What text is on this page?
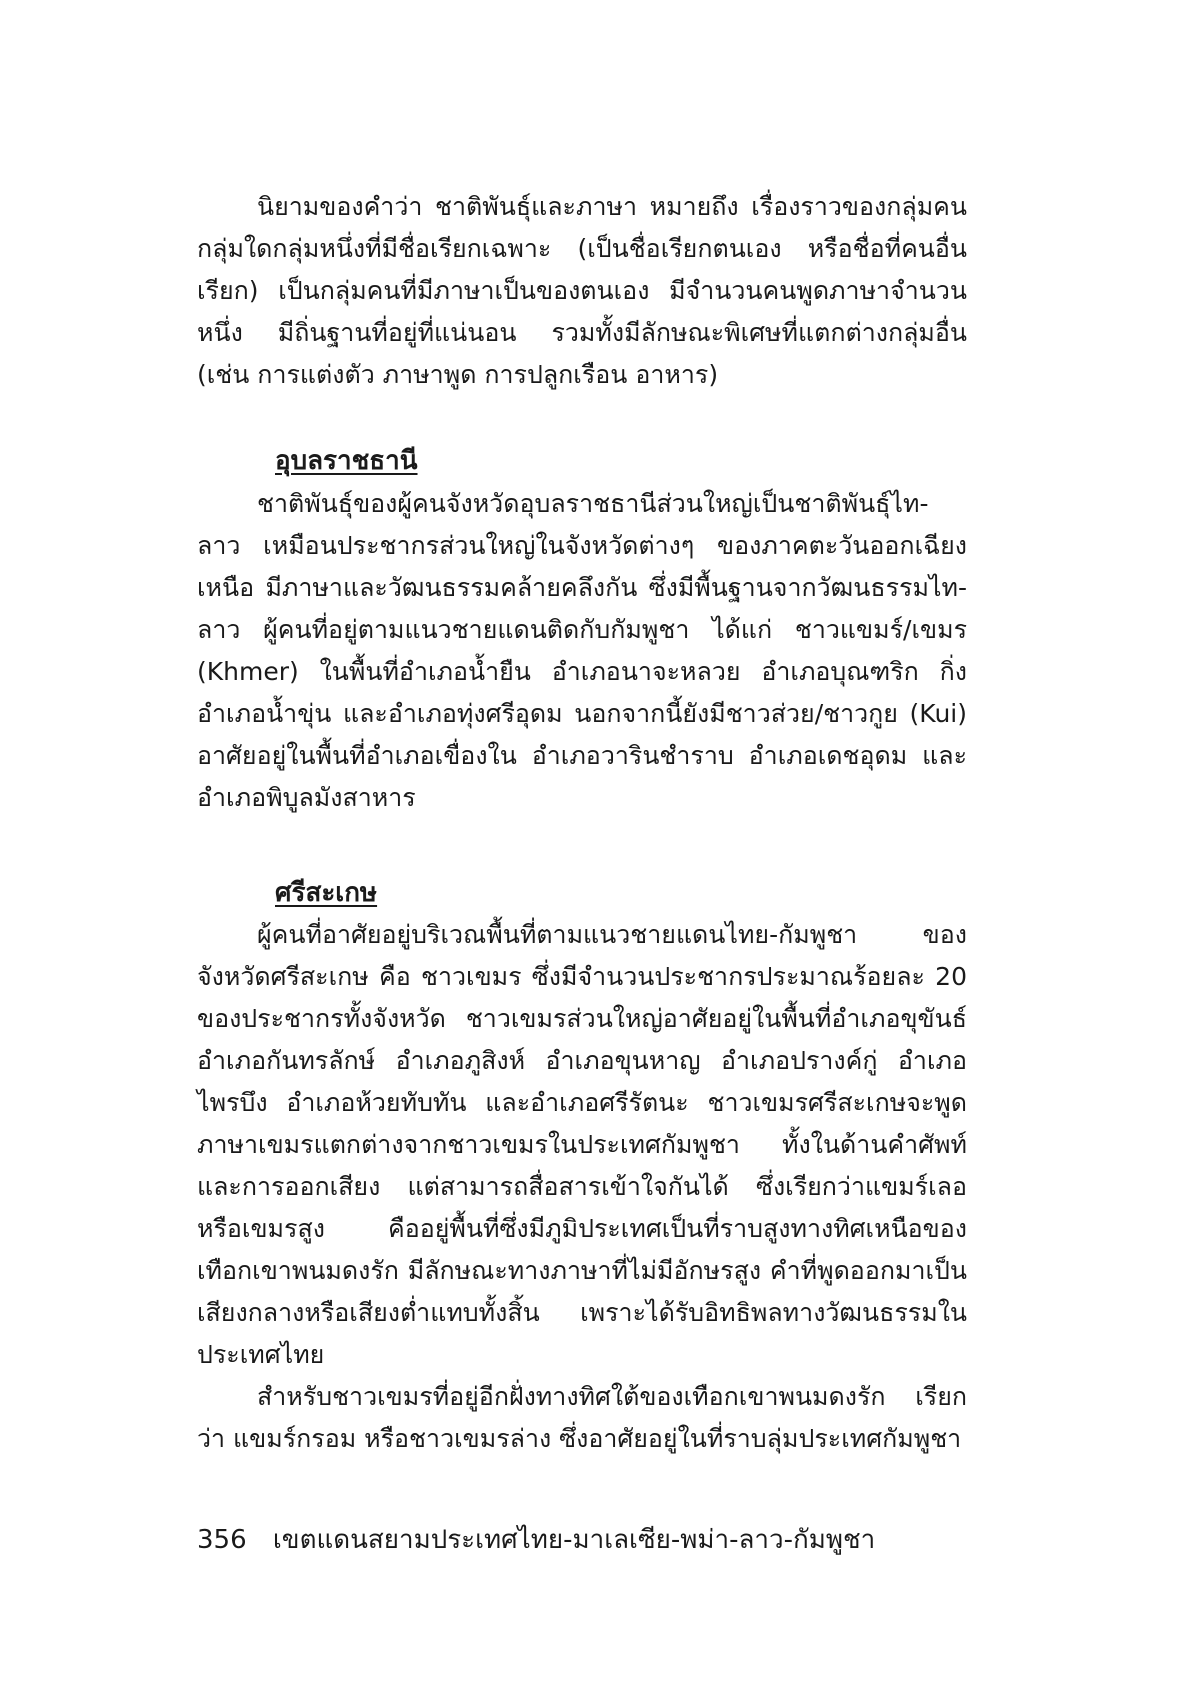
นิยามของคำว่า ชาติพันธุ์และภาษา หมายถึง เรื่องราวของกลุ่มคนกลุ่มใดกลุ่มหนึ่งที่มีชื่อเรียกเฉพาะ (เป็นชื่อเรียกตนเอง หรือชื่อที่คนอื่นเรียก) เป็นกลุ่มคนที่มีภาษาเป็นของตนเอง มีจำนวนคนพูดภาษาจำนวนหนึ่ง มีถิ่นฐานที่อยู่ที่แน่นอน รวมทั้งมีลักษณะพิเศษที่แตกต่างกลุ่มอื่น (เช่น การแต่งตัว ภาษาพูด การปลูกเรือน อาหาร)

อุบลราชธานี

ชาติพันธุ์ของผู้คนจังหวัดอุบลราชธานีส่วนใหญ่เป็นชาติพันธุ์ไท-ลาว เหมือนประชากรส่วนใหญ่ในจังหวัดต่างๆ ของภาคตะวันออกเฉียงเหนือ มีภาษาและวัฒนธรรมคล้ายคลึงกัน ซึ่งมีพื้นฐานจากวัฒนธรรมไท-ลาว ผู้คนที่อยู่ตามแนวชายแดนติดกับกัมพูชา ได้แก่ ชาวแขมร์/เขมร (Khmer) ในพื้นที่อำเภอน้ำยืน อำเภอนาจะหลวย อำเภอบุณฑริก กิ่งอำเภอน้ำขุ่น และอำเภอทุ่งศรีอุดม นอกจากนี้ยังมีชาวส่วย/ชาวกูย (Kui) อาศัยอยู่ในพื้นที่อำเภอเขื่องใน อำเภอวารินชำราบ อำเภอเดชอุดม และอำเภอพิบูลมังสาหาร

ศรีสะเกษ

ผู้คนที่อาศัยอยู่บริเวณพื้นที่ตามแนวชายแดนไทย-กัมพูชา ของจังหวัดศรีสะเกษ คือ ชาวเขมร ซึ่งมีจำนวนประชากรประมาณร้อยละ 20 ของประชากรทั้งจังหวัด ชาวเขมรส่วนใหญ่อาศัยอยู่ในพื้นที่อำเภอขุขันธ์ อำเภอกันทรลักษ์ อำเภอภูสิงห์ อำเภอขุนหาญ อำเภอปรางค์กู่ อำเภอไพรบึง อำเภอห้วยทับทัน และอำเภอศรีรัตนะ ชาวเขมรศรีสะเกษจะพูดภาษาเขมรแตกต่างจากชาวเขมรในประเทศกัมพูชา ทั้งในด้านคำศัพท์และการออกเสียง แต่สามารถสื่อสารเข้าใจกันได้ ซึ่งเรียกว่าแขมร์เลอ หรือเขมรสูง คืออยู่พื้นที่ซึ่งมีภูมิประเทศเป็นที่ราบสูงทางทิศเหนือของเทือกเขาพนมดงรัก มีลักษณะทางภาษาที่ไม่มีอักษรสูง คำที่พูดออกมาเป็นเสียงกลางหรือเสียงต่ำแทบทั้งสิ้น เพราะได้รับอิทธิพลทางวัฒนธรรมในประเทศไทย

สำหรับชาวเขมรที่อยู่อีกฝั่งทางทิศใต้ของเทือกเขาพนมดงรัก เรียกว่า แขมร์กรอม หรือชาวเขมรล่าง ซึ่งอาศัยอยู่ในที่ราบลุ่มประเทศกัมพูชา

356 เขตแดนสยามประเทศไทย-มาเลเซีย-พม่า-ลาว-กัมพูชา
